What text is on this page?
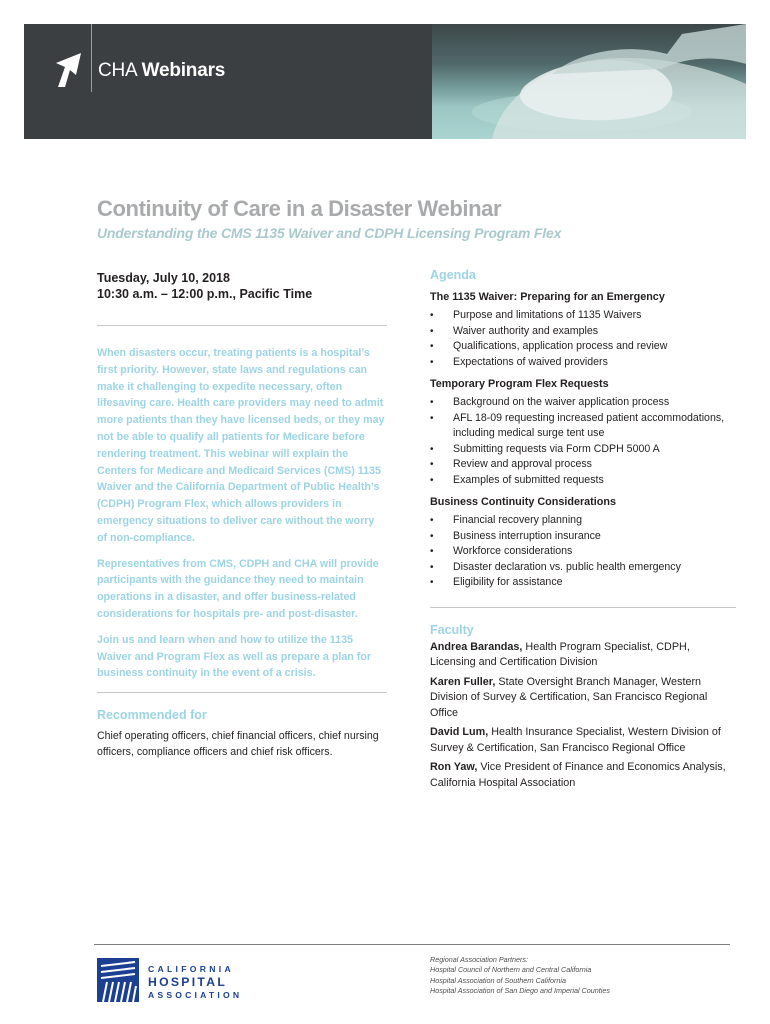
CHA Webinars
Continuity of Care in a Disaster Webinar
Understanding the CMS 1135 Waiver and CDPH Licensing Program Flex
Tuesday, July 10, 2018
10:30 a.m. – 12:00 p.m., Pacific Time

When disasters occur, treating patients is a hospital’s first priority. However, state laws and regulations can make it challenging to expedite necessary, often lifesaving care. Health care providers may need to admit more patients than they have licensed beds, or they may not be able to qualify all patients for Medicare before rendering treatment. This webinar will explain the Centers for Medicare and Medicaid Services (CMS) 1135 Waiver and the California Department of Public Health’s (CDPH) Program Flex, which allows providers in emergency situations to deliver care without the worry of non-compliance.

Representatives from CMS, CDPH and CHA will provide participants with the guidance they need to maintain operations in a disaster, and offer business-related considerations for hospitals pre- and post-disaster.

Join us and learn when and how to utilize the 1135 Waiver and Program Flex as well as prepare a plan for business continuity in the event of a crisis.

Recommended for
Chief operating officers, chief financial officers, chief nursing officers, compliance officers and chief risk officers.
Agenda
The 1135 Waiver: Preparing for an Emergency
• Purpose and limitations of 1135 Waivers
• Waiver authority and examples
• Qualifications, application process and review
• Expectations of waived providers
Temporary Program Flex Requests
• Background on the waiver application process
• AFL 18-09 requesting increased patient accommodations, including medical surge tent use
• Submitting requests via Form CDPH 5000 A
• Review and approval process
• Examples of submitted requests
Business Continuity Considerations
• Financial recovery planning
• Business interruption insurance
• Workforce considerations
• Disaster declaration vs. public health emergency
• Eligibility for assistance
Faculty
Andrea Barandas, Health Program Specialist, CDPH, Licensing and Certification Division
Karen Fuller, State Oversight Branch Manager, Western Division of Survey & Certification, San Francisco Regional Office
David Lum, Health Insurance Specialist, Western Division of Survey & Certification, San Francisco Regional Office
Ron Yaw, Vice President of Finance and Economics Analysis, California Hospital Association
CALIFORNIA
HOSPITAL
ASSOCIATION
Regional Association Partners:
Hospital Council of Northern and Central California
Hospital Association of Southern California
Hospital Association of San Diego and Imperial Counties
